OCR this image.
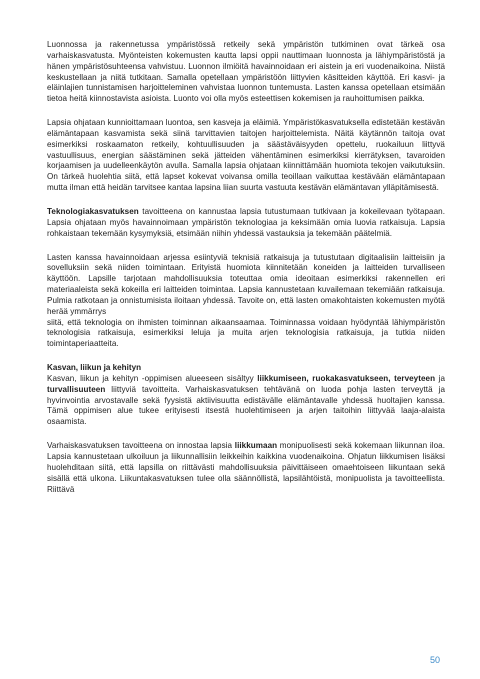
Luonnossa ja rakennetussa ympäristössä retkeily sekä ympäristön tutkiminen ovat tärkeä osa varhaiskasvatusta. Myönteisten kokemusten kautta lapsi oppii nauttimaan luonnosta ja lähiympäristöstä ja hänen ympäristösuhteensa vahvistuu. Luonnon ilmiöitä havainnoidaan eri aistein ja eri vuodenaikoina. Niistä keskustellaan ja niitä tutkitaan. Samalla opetellaan ympäristöön liittyvien käsitteiden käyttöä. Eri kasvi- ja eläinlajien tunnistamisen harjoitteleminen vahvistaa luonnon tuntemusta. Lasten kanssa opetellaan etsimään tietoa heitä kiinnostavista asioista. Luonto voi olla myös esteettisen kokemisen ja rauhoittumisen paikka.

Lapsia ohjataan kunnioittamaan luontoa, sen kasveja ja eläimiä. Ympäristökasvatuksella edistetään kestävän elämäntapaan kasvamista sekä siinä tarvittavien taitojen harjoittelemista. Näitä käytännön taitoja ovat esimerkiksi roskaamaton retkeily, kohtuullisuuden ja säästäväisyyden opettelu, ruokailuun liittyvä vastuullisuus, energian säästäminen sekä jätteiden vähentäminen esimerkiksi kierrätyksen, tavaroiden korjaamisen ja uudelleenkäytön avulla. Samalla lapsia ohjataan kiinnittämään huomiota tekojen vaikutuksiin. On tärkeä huolehtia siitä, että lapset kokevat voivansa omilla teoillaan vaikuttaa kestävään elämäntapaan mutta ilman että heidän tarvitsee kantaa lapsina liian suurta vastuuta kestävän elämäntavan ylläpitämisestä.

Teknologiakasvatuksen tavoitteena on kannustaa lapsia tutustumaan tutkivaan ja kokeilevaan työtapaan. Lapsia ohjataan myös havainnoimaan ympäristön teknologiaa ja keksimään omia luovia ratkaisuja. Lapsia rohkaistaan tekemään kysymyksiä, etsimään niihin yhdessä vastauksia ja tekemään päätelmiä.

Lasten kanssa havainnoidaan arjessa esiintyviä teknisiä ratkaisuja ja tutustutaan digitaalisiin laitteisiin ja sovelluksiin sekä niiden toimintaan. Erityistä huomiota kiinnitetään koneiden ja laitteiden turvalliseen käyttöön. Lapsille tarjotaan mahdollisuuksia toteuttaa omia ideoitaan esimerkiksi rakennellen eri materiaaleista sekä kokeilla eri laitteiden toimintaa. Lapsia kannustetaan kuvailemaan tekemiään ratkaisuja. Pulmia ratkotaan ja onnistumisista iloitaan yhdessä. Tavoite on, että lasten omakohtaisten kokemusten myötä herää ymmärrys

siitä, että teknologia on ihmisten toiminnan aikaansaamaa. Toiminnassa voidaan hyödyntää lähiympäristön teknologisia ratkaisuja, esimerkiksi leluja ja muita arjen teknologisia ratkaisuja, ja tutkia niiden toimintaperiaatteita.

Kasvan, liikun ja kehityn

Kasvan, liikun ja kehityn -oppimisen alueeseen sisältyy liikkumiseen, ruokakasvatukseen, terveyteen ja turvallisuuteen liittyviä tavoitteita. Varhaiskasvatuksen tehtävänä on luoda pohja lasten terveyttä ja hyvinvointia arvostavalle sekä fyysistä aktiivisuutta edistävälle elämäntavalle yhdessä huoltajien kanssa. Tämä oppimisen alue tukee erityisesti itsestä huolehtimiseen ja arjen taitoihin liittyvää laaja-alaista osaamista.

Varhaiskasvatuksen tavoitteena on innostaa lapsia liikkumaan monipuolisesti sekä kokemaan liikunnan iloa. Lapsia kannustetaan ulkoiluun ja liikunnallisiin leikkeihin kaikkina vuodenaikoina. Ohjatun liikkumisen lisäksi huolehditaan siitä, että lapsilla on riittävästi mahdollisuuksia päivittäiseen omaehtoiseen liikuntaan sekä sisällä että ulkona. Liikuntakasvatuksen tulee olla säännöllistä, lapsilähtöistä, monipuolista ja tavoitteellista. Riittävä

50
